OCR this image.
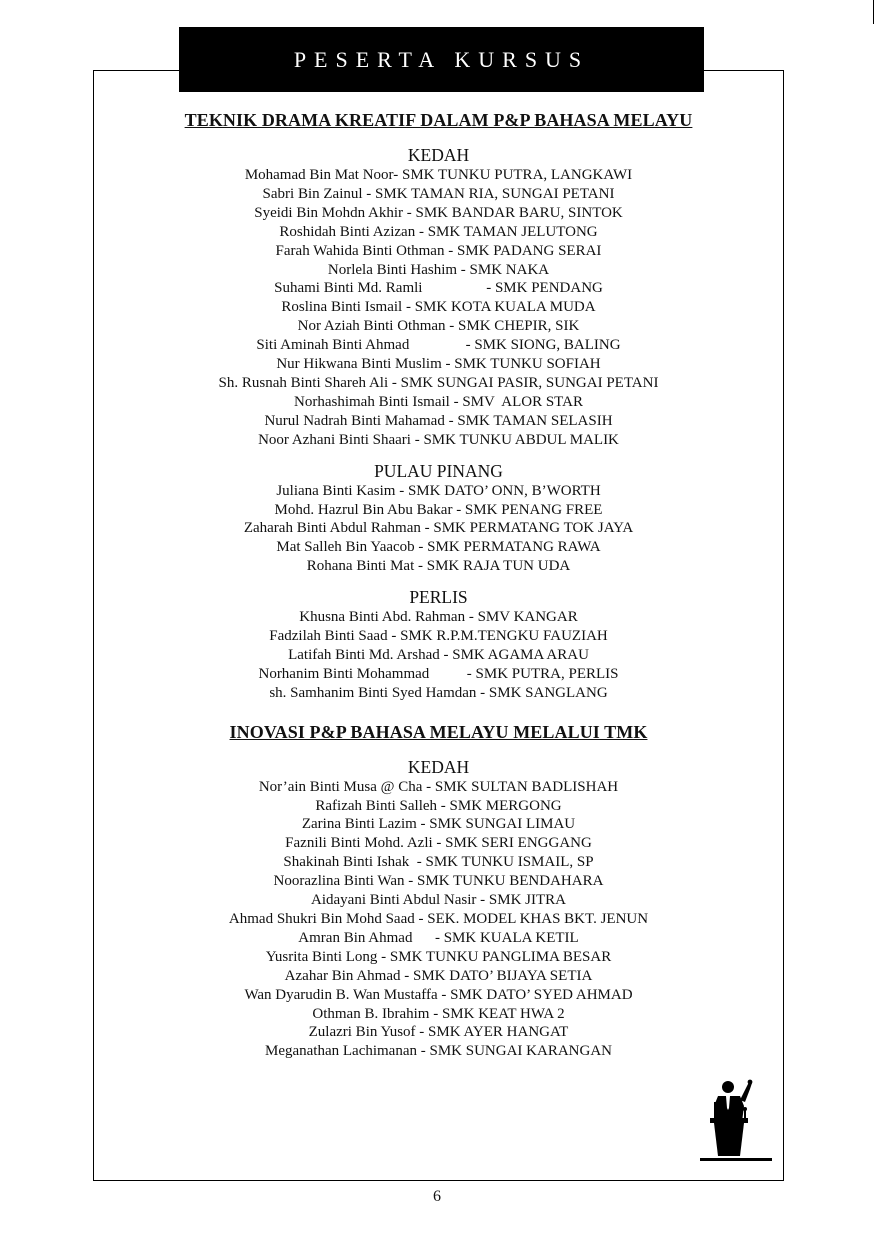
PESERTA KURSUS
TEKNIK DRAMA KREATIF DALAM P&P BAHASA MELAYU
KEDAH
Mohamad Bin Mat Noor- SMK TUNKU PUTRA, LANGKAWI
Sabri Bin Zainul - SMK TAMAN RIA, SUNGAI PETANI
Syeidi Bin Mohdn Akhir - SMK BANDAR BARU, SINTOK
Roshidah Binti Azizan - SMK TAMAN JELUTONG
Farah Wahida Binti Othman - SMK PADANG SERAI
Norlela Binti Hashim - SMK NAKA
Suhami Binti Md. Ramli                 - SMK PENDANG
Roslina Binti Ismail - SMK KOTA KUALA MUDA
Nor Aziah Binti Othman - SMK CHEPIR, SIK
Siti Aminah Binti Ahmad               - SMK SIONG, BALING
Nur Hikwana Binti Muslim - SMK TUNKU SOFIAH
Sh. Rusnah Binti Shareh Ali - SMK SUNGAI PASIR, SUNGAI PETANI
Norhashimah Binti Ismail - SMV  ALOR STAR
Nurul Nadrah Binti Mahamad - SMK TAMAN SELASIH
Noor Azhani Binti Shaari - SMK TUNKU ABDUL MALIK
PULAU PINANG
Juliana Binti Kasim - SMK DATO’ ONN, B’WORTH
Mohd. Hazrul Bin Abu Bakar - SMK PENANG FREE
Zaharah Binti Abdul Rahman - SMK PERMATANG TOK JAYA
Mat Salleh Bin Yaacob - SMK PERMATANG RAWA
Rohana Binti Mat - SMK RAJA TUN UDA
PERLIS
Khusna Binti Abd. Rahman - SMV KANGAR
Fadzilah Binti Saad - SMK R.P.M.TENGKU FAUZIAH
Latifah Binti Md. Arshad - SMK AGAMA ARAU
Norhanim Binti Mohammad          - SMK PUTRA, PERLIS
sh. Samhanim Binti Syed Hamdan - SMK SANGLANG
INOVASI P&P BAHASA MELAYU MELALUI TMK
KEDAH
Nor’ain Binti Musa @ Cha - SMK SULTAN BADLISHAH
Rafizah Binti Salleh - SMK MERGONG
Zarina Binti Lazim - SMK SUNGAI LIMAU
Faznili Binti Mohd. Azli - SMK SERI ENGGANG
Shakinah Binti Ishak  - SMK TUNKU ISMAIL, SP
Noorazlina Binti Wan - SMK TUNKU BENDAHARA
Aidayani Binti Abdul Nasir - SMK JITRA
Ahmad Shukri Bin Mohd Saad - SEK. MODEL KHAS BKT. JENUN
Amran Bin Ahmad      - SMK KUALA KETIL
Yusrita Binti Long - SMK TUNKU PANGLIMA BESAR
Azahar Bin Ahmad - SMK DATO’ BIJAYA SETIA
Wan Dyarudin B. Wan Mustaffa - SMK DATO’ SYED AHMAD
Othman B. Ibrahim - SMK KEAT HWA 2
Zulazri Bin Yusof - SMK AYER HANGAT
Meganathan Lachimanan - SMK SUNGAI KARANGAN
6
